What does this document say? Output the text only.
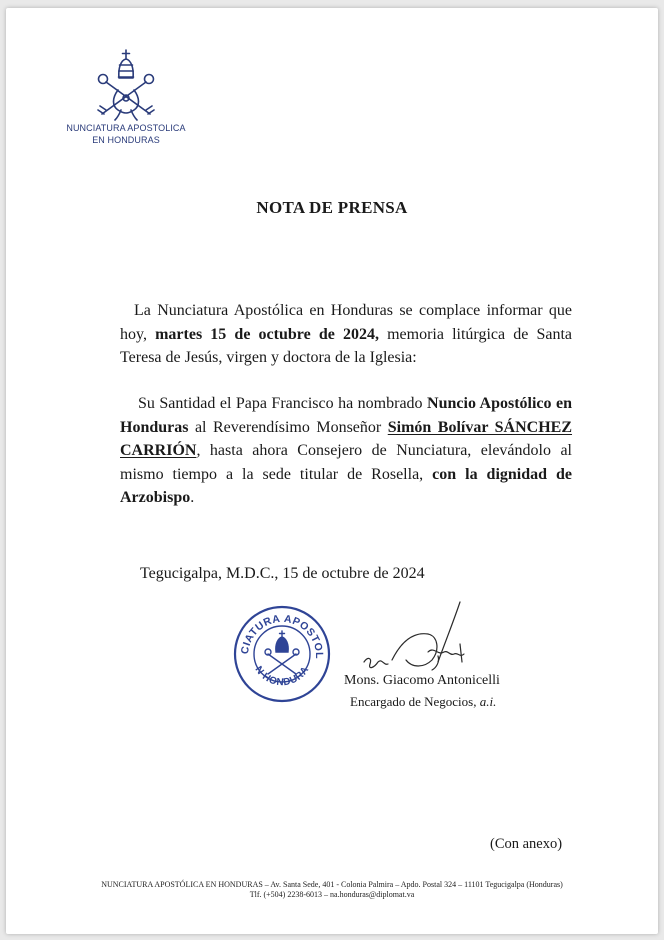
NUNCIATURA APOSTOLICA
EN HONDURAS
NOTA DE PRENSA
La Nunciatura Apostólica en Honduras se complace informar que hoy, martes 15 de octubre de 2024, memoria litúrgica de Santa Teresa de Jesús, virgen y doctora de la Iglesia:
Su Santidad el Papa Francisco ha nombrado Nuncio Apostólico en Honduras al Reverendísimo Monseñor Simón Bolívar SÁNCHEZ CARRIÓN, hasta ahora Consejero de Nunciatura, elevándolo al mismo tiempo a la sede titular de Rosella, con la dignidad de Arzobispo.
Tegucigalpa, M.D.C., 15 de octubre de 2024
CIATURA APOSTOL
N HONDURA
Mons. Giacomo Antonicelli
Encargado de Negocios, a.i.
(Con anexo)
NUNCIATURA APOSTÓLICA EN HONDURAS – Av. Santa Sede, 401 - Colonia Palmira – Apdo. Postal 324 – 11101 Tegucigalpa (Honduras)
Tlf. (+504) 2238-6013 – na.honduras@diplomat.va
